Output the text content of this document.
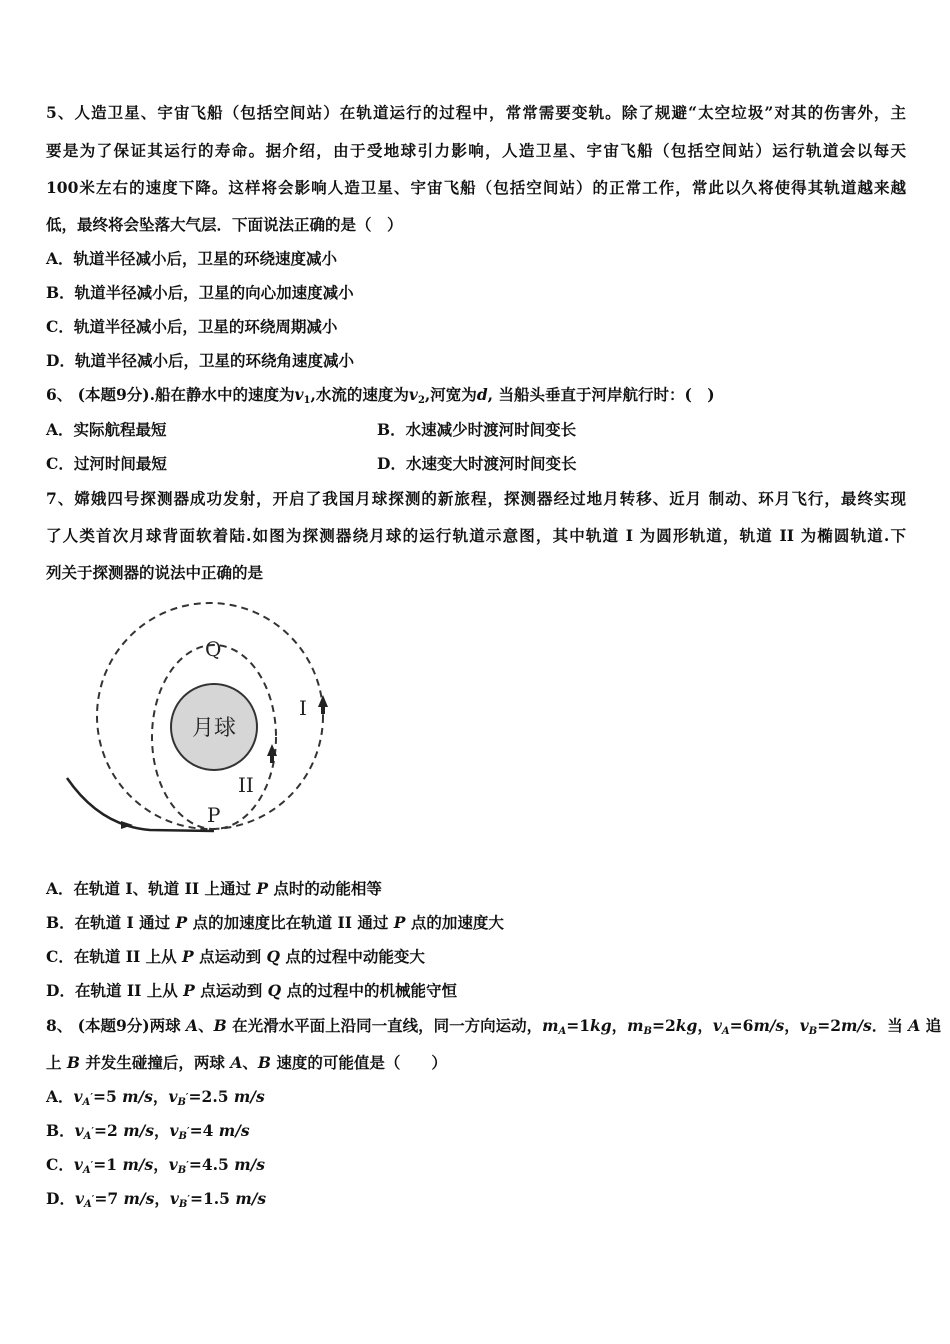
5、人造卫星、宇宙飞船（包括空间站）在轨道运行的过程中，常常需要变轨。除了规避“太空垃圾”对其的伤害外，主
要是为了保证其运行的寿命。据介绍，由于受地球引力影响，人造卫星、宇宙飞船（包括空间站）运行轨道会以每天
100米左右的速度下降。这样将会影响人造卫星、宇宙飞船（包括空间站）的正常工作，常此以久将使得其轨道越来越
低，最终将会坠落大气层．下面说法正确的是（　）
A．轨道半径减小后，卫星的环绕速度减小
B．轨道半径减小后，卫星的向心加速度减小
C．轨道半径减小后，卫星的环绕周期减小
D．轨道半径减小后，卫星的环绕角速度减小
6、 (本题9分).船在静水中的速度为$v_1$,水流的速度为$v_2$,河宽为d, 当船头垂直于河岸航行时：(　)
A．实际航程最短	B．水速减少时渡河时间变长
C．过河时间最短	D．水速变大时渡河时间变长
7、嫦娥四号探测器成功发射，开启了我国月球探测的新旅程，探测器经过地月转移、近月 制动、环月飞行，最终实现
了人类首次月球背面软着陆.如图为探测器绕月球的运行轨道示意图，其中轨道 I 为圆形轨道，轨道 II 为椭圆轨道.下
列关于探测器的说法中正确的是
月球
Q
I
II
P
A．在轨道 I、轨道 II 上通过 P 点时的动能相等
B．在轨道 I 通过 P 点的加速度比在轨道 II 通过 P 点的加速度大
C．在轨道 II 上从 P 点运动到 Q 点的过程中动能变大
D．在轨道 II 上从 P 点运动到 Q 点的过程中的机械能守恒
8、 (本题9分)两球 A、B 在光滑水平面上沿同一直线，同一方向运动，$m_A=1kg$，$m_B=2kg$，$v_A=6m/s$，$v_B=2m/s$．当 A 追
上 B 并发生碰撞后，两球 A、B 速度的可能值是（　　）
A．$v_{A'}=5$ m/s，$v_{B'}=2.5$ m/s
B．$v_{A'}=2$ m/s，$v_{B'}=4$ m/s
C．$v_{A'}=1$ m/s，$v_{B'}=4.5$ m/s
D．$v_{A'}=7$ m/s，$v_{B'}=1.5$ m/s
